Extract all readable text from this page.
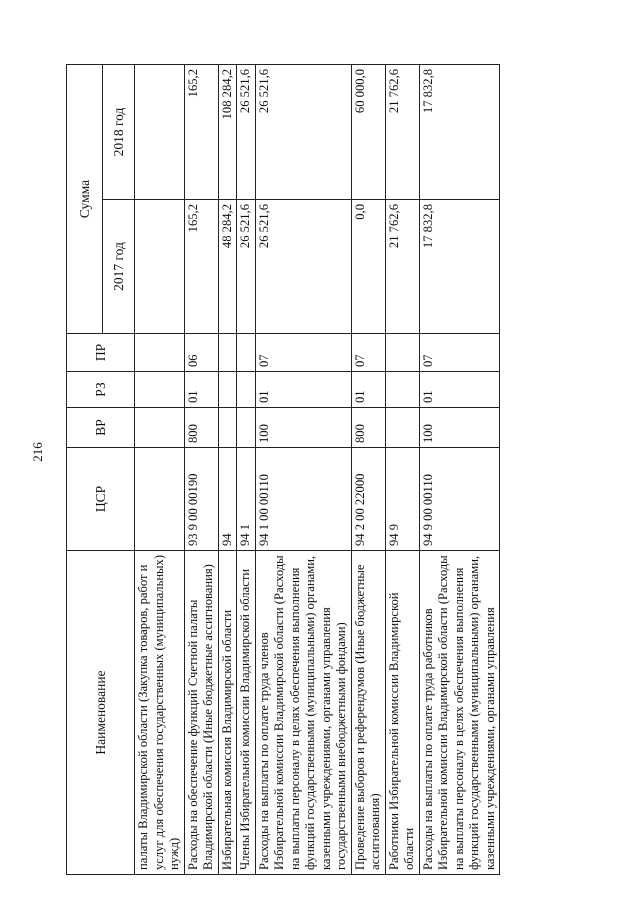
216
Наименование	ЦСР	ВР	РЗ	ПР	Сумма	
					2017 год	2018 год
палаты Владимирской области (Закупка товаров, работ и услуг для обеспечения государственных (муниципальных) нужд)						
Расходы на обеспечение функций Счетной палаты Владимирской области (Иные бюджетные ассигнования)	93 9 00 00190	800	01	06	165,2	165,2
Избирательная комиссия Владимирской области	94				48 284,2	108 284,2
Члены Избирательной комиссии Владимирской области	94 1				26 521,6	26 521,6
Расходы на выплаты по оплате труда членов Избирательной комиссии Владимирской области (Расходы на выплаты персоналу в целях обеспечения выполнения функций государственными (муниципальными) органами, казенными учреждениями, органами управления государственными внебюджетными фондами)	94 1 00 00110	100	01	07	26 521,6	26 521,6
Проведение выборов и референдумов (Иные бюджетные ассигнования)	94 2 00 22000	800	01	07	0,0	60 000,0
Работники Избирательной комиссии Владимирской области	94 9				21 762,6	21 762,6
Расходы на выплаты по оплате труда работников Избирательной комиссии Владимирской области (Расходы на выплаты персоналу в целях обеспечения выполнения функций государственными (муниципальными) органами, казенными учреждениями, органами управления	94 9 00 00110	100	01	07	17 832,8	17 832,8
